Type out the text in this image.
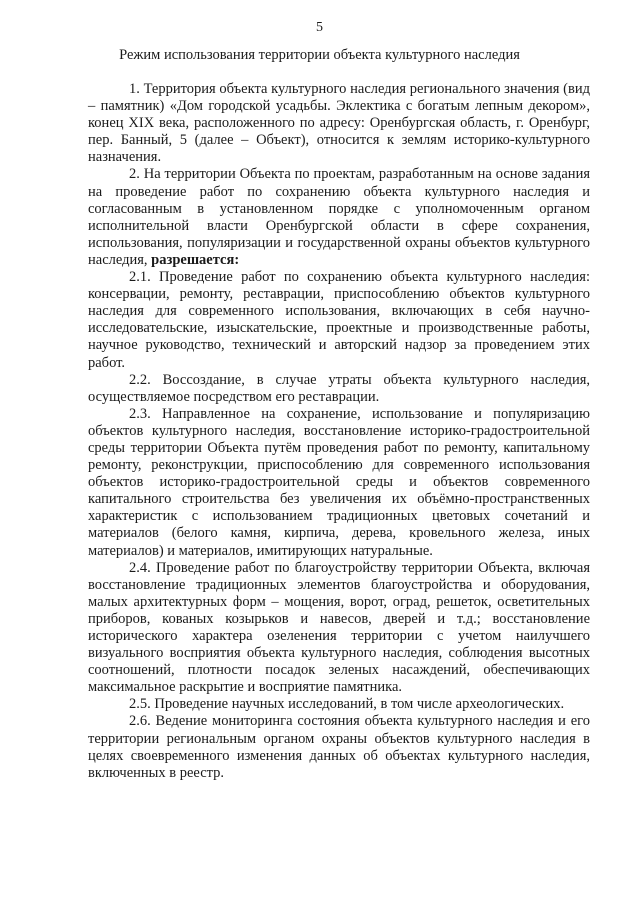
5
Режим использования территории объекта культурного наследия

1. Территория объекта культурного наследия регионального значения (вид – памятник) «Дом городской усадьбы. Эклектика с богатым лепным декором», конец XIX века, расположенного по адресу: Оренбургская область, г. Оренбург, пер. Банный, 5 (далее – Объект), относится к землям историко-культурного назначения.

2. На территории Объекта по проектам, разработанным на основе задания на проведение работ по сохранению объекта культурного наследия и согласованным в установленном порядке с уполномоченным органом исполнительной власти Оренбургской области в сфере сохранения, использования, популяризации и государственной охраны объектов культурного наследия, разрешается:

2.1. Проведение работ по сохранению объекта культурного наследия: консервации, ремонту, реставрации, приспособлению объектов культурного наследия для современного использования, включающих в себя научно-исследовательские, изыскательские, проектные и производственные работы, научное руководство, технический и авторский надзор за проведением этих работ.

2.2. Воссоздание, в случае утраты объекта культурного наследия, осуществляемое посредством его реставрации.

2.3. Направленное на сохранение, использование и популяризацию объектов культурного наследия, восстановление историко-градостроительной среды территории Объекта путём проведения работ по ремонту, капитальному ремонту, реконструкции, приспособлению для современного использования объектов историко-градостроительной среды и объектов современного капитального строительства без увеличения их объёмно-пространственных характеристик с использованием традиционных цветовых сочетаний и материалов (белого камня, кирпича, дерева, кровельного железа, иных материалов) и материалов, имитирующих натуральные.

2.4. Проведение работ по благоустройству территории Объекта, включая восстановление традиционных элементов благоустройства и оборудования, малых архитектурных форм – мощения, ворот, оград, решеток, осветительных приборов, кованых козырьков и навесов, дверей и т.д.; восстановление исторического характера озеленения территории с учетом наилучшего визуального восприятия объекта культурного наследия, соблюдения высотных соотношений, плотности посадок зеленых насаждений, обеспечивающих максимальное раскрытие и восприятие памятника.

2.5. Проведение научных исследований, в том числе археологических.

2.6. Ведение мониторинга состояния объекта культурного наследия и его территории региональным органом охраны объектов культурного наследия в целях своевременного изменения данных об объектах культурного наследия, включенных в реестр.
